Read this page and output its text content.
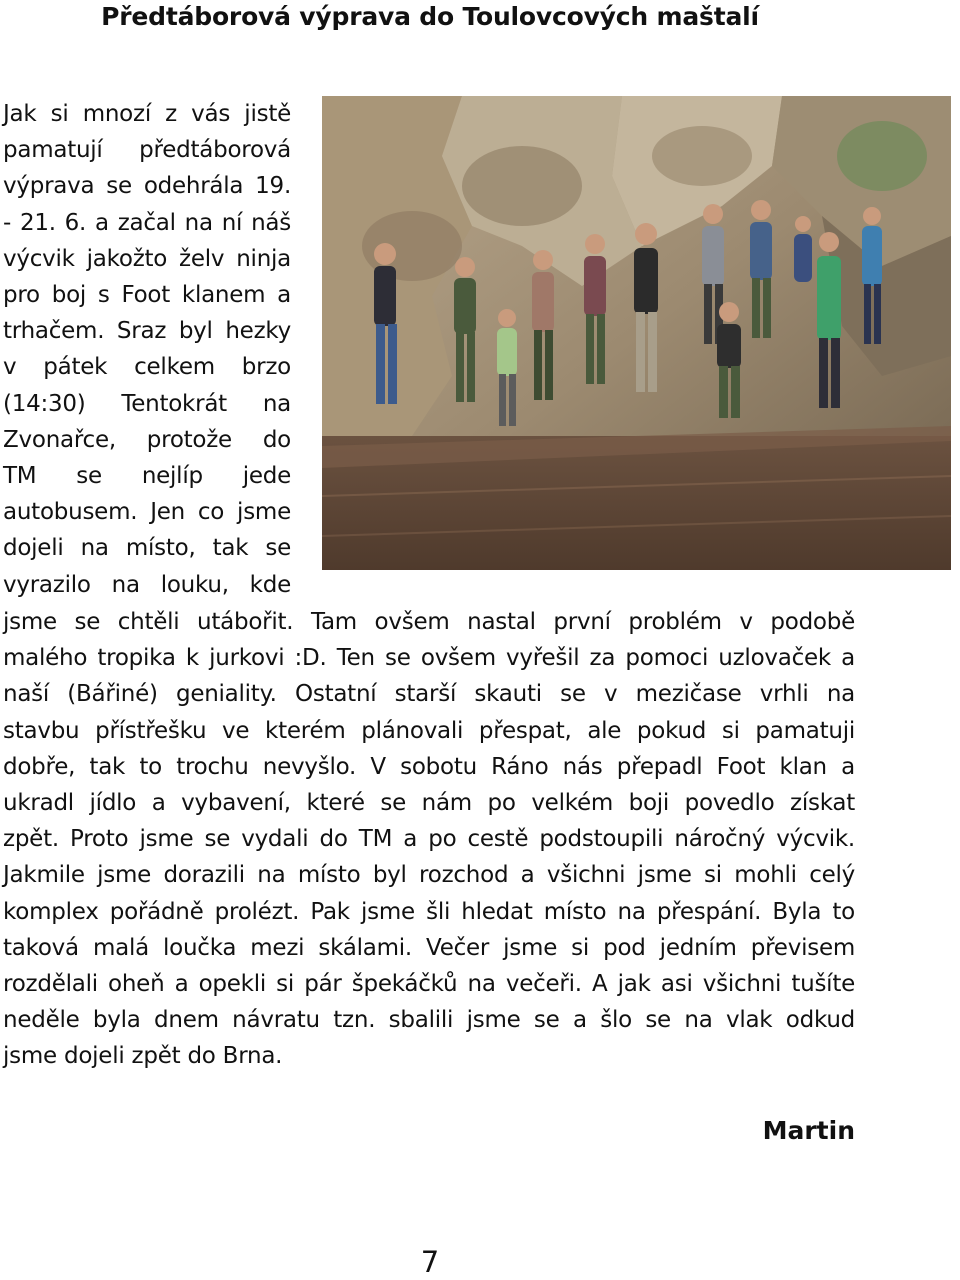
Předtáborová výprava do Toulovcových maštalí
Jak si mnozí z vás jistě
pamatují předtáborová
výprava se odehrála 19.
- 21. 6. a začal na ní náš
výcvik jakožto želv ninja
pro boj s Foot klanem a
trhačem. Sraz byl hezky
v pátek celkem brzo
(14:30) Tentokrát na
Zvonařce, protože do
TM se nejlíp jede
autobusem. Jen co jsme
dojeli na místo, tak se
vyrazilo na louku, kde
jsme se chtěli utábořit. Tam ovšem nastal první problém v podobě
malého tropika k jurkovi :D. Ten se ovšem vyřešil za pomoci uzlovaček a
naší (Bářiné) geniality. Ostatní starší skauti se v mezičase vrhli na
stavbu přístřešku ve kterém plánovali přespat, ale pokud si pamatuji
dobře, tak to trochu nevyšlo. V sobotu Ráno nás přepadl Foot klan a
ukradl jídlo a vybavení, které se nám po velkém boji povedlo získat
zpět. Proto jsme se vydali do TM a po cestě podstoupili náročný výcvik.
Jakmile jsme dorazili na místo byl rozchod a všichni jsme si mohli celý
komplex pořádně prolézt. Pak jsme šli hledat místo na přespání. Byla to
taková malá loučka mezi skálami. Večer jsme si pod jedním převisem
rozdělali oheň a opekli si pár špekáčků na večeři. A jak asi všichni tušíte
neděle byla dnem návratu tzn. sbalili jsme se a šlo se na vlak odkud
jsme dojeli zpět do Brna.
Martin
7
